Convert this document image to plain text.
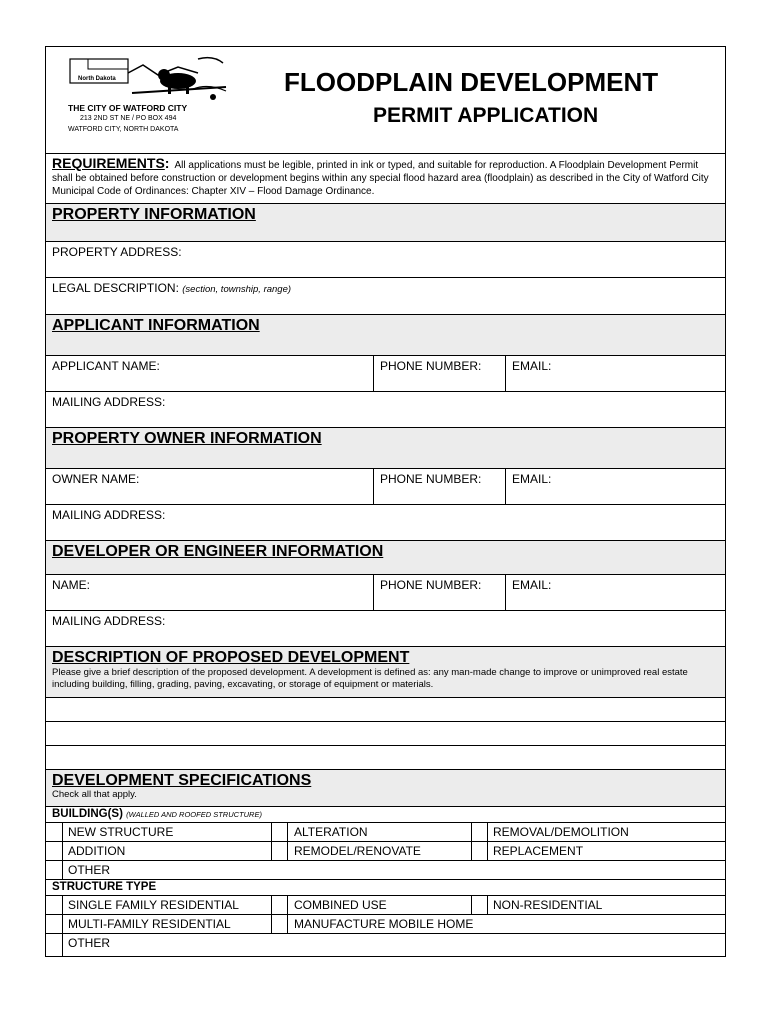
North Dakota
THE CITY OF WATFORD CITY
213 2ND ST NE / PO BOX 494
WATFORD CITY, NORTH DAKOTA
FLOODPLAIN DEVELOPMENT
PERMIT APPLICATION
REQUIREMENTS: All applications must be legible, printed in ink or typed, and suitable for reproduction. A Floodplain Development Permit shall be obtained before construction or development begins within any special flood hazard area (floodplain) as described in the City of Watford City Municipal Code of Ordinances: Chapter XIV – Flood Damage Ordinance.
PROPERTY INFORMATION
PROPERTY ADDRESS:
LEGAL DESCRIPTION: (section, township, range)
APPLICANT INFORMATION
APPLICANT NAME:	PHONE NUMBER:	EMAIL:
MAILING ADDRESS:
PROPERTY OWNER INFORMATION
OWNER NAME:	PHONE NUMBER:	EMAIL:
MAILING ADDRESS:
DEVELOPER OR ENGINEER INFORMATION
NAME:	PHONE NUMBER:	EMAIL:
MAILING ADDRESS:
DESCRIPTION OF PROPOSED DEVELOPMENT
Please give a brief description of the proposed development. A development is defined as: any man-made change to improve or unimproved real estate including building, filling, grading, paving, excavating, or storage of equipment or materials.
DEVELOPMENT SPECIFICATIONS
Check all that apply.
BUILDING(S) (WALLED AND ROOFED STRUCTURE)
NEW STRUCTURE	ALTERATION	REMOVAL/DEMOLITION
ADDITION	REMODEL/RENOVATE	REPLACEMENT
OTHER
STRUCTURE TYPE
SINGLE FAMILY RESIDENTIAL	COMBINED USE	NON-RESIDENTIAL
MULTI-FAMILY RESIDENTIAL	MANUFACTURE MOBILE HOME
OTHER
